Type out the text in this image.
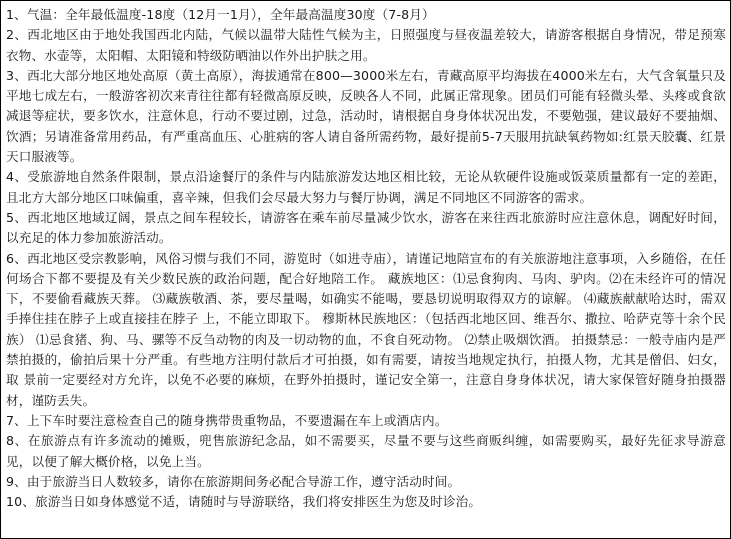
1、气温：全年最低温度-18度（12月一1月），全年最高温度30度（7-8月）

2、西北地区由于地处我国西北内陆，气候以温带大陆性气候为主，日照强度与昼夜温差较大，请游客根据自身情况，带足预寒衣物、水壶等，太阳帽、太阳镜和特级防晒油以作外出护肤之用。

3、西北大部分地区地处高原（黄土高原），海拔通常在800—3000米左右，青藏高原平均海拔在4000米左右，大气含氧量只及平地七成左右，一般游客初次来青往往都有轻微高原反映，反映各人不同，此属正常现象。团员们可能有轻微头晕、头疼或食欲减退等症状，要多饮水，注意休息，行动不要过剧，过急，活动时，请根据自身身体状况出发，不要勉强，建议最好不要抽烟、饮酒；另请准备常用药品，有严重高血压、心脏病的客人请自备所需药物，最好提前5-7天服用抗缺氧药物如:红景天胶囊、红景天口服液等。

4、受旅游地自然条件限制，景点沿途餐厅的条件与内陆旅游发达地区相比较，无论从软硬件设施或饭菜质量都有一定的差距，且北方大部分地区口味偏重，喜辛辣，但我们会尽最大努力与餐厅协调，满足不同地区不同游客的需求。

5、西北地区地域辽阔，景点之间车程较长，请游客在乘车前尽量减少饮水，游客在来往西北旅游时应注意休息，调配好时间，以充足的体力参加旅游活动。

6、西北地区受宗教影响，风俗习惯与我们不同，游览时（如进寺庙），请谨记地陪宣布的有关旅游地注意事项，入乡随俗，在任何场合下都不要提及有关少数民族的政治问题，配合好地陪工作。 藏族地区：⑴忌食狗肉、马肉、驴肉。⑵在未经许可的情况下，不要偷看藏族天葬。 ⑶藏族敬酒、茶，要尽量喝，如确实不能喝，要恳切说明取得双方的谅解。 ⑷藏族献献哈达时，需双手捧住挂在脖子上或直接挂在脖子 上，不能立即取下。 穆斯林民族地区：（包括西北地区回、维吾尔、撒拉、哈萨克等十余个民族） ⑴忌食猪、狗、马、骡等不反刍动物的肉及一切动物的血，不食自死动物。 ⑵禁止吸烟饮酒。 拍摄禁忌：一般寺庙内是严禁拍摄的，偷拍后果十分严重。有些地方注明付款后才可拍摄，如有需要，请按当地规定执行，拍摄人物，尤其是僧侣、妇女，取 景前一定要经对方允许，以免不必要的麻烦，在野外拍摄时，谨记安全第一，注意自身身体状况，请大家保管好随身拍摄器材，谨防丢失。

7、上下车时要注意检查自己的随身携带贵重物品，不要遗漏在车上或酒店内。

8、在旅游点有许多流动的摊贩，兜售旅游纪念品，如不需要买，尽量不要与这些商贩纠缠，如需要购买，最好先征求导游意见，以便了解大概价格，以免上当。

9、由于旅游当日人数较多，请你在旅游期间务必配合导游工作，遵守活动时间。

10、旅游当日如身体感觉不适，请随时与导游联络，我们将安排医生为您及时诊治。
